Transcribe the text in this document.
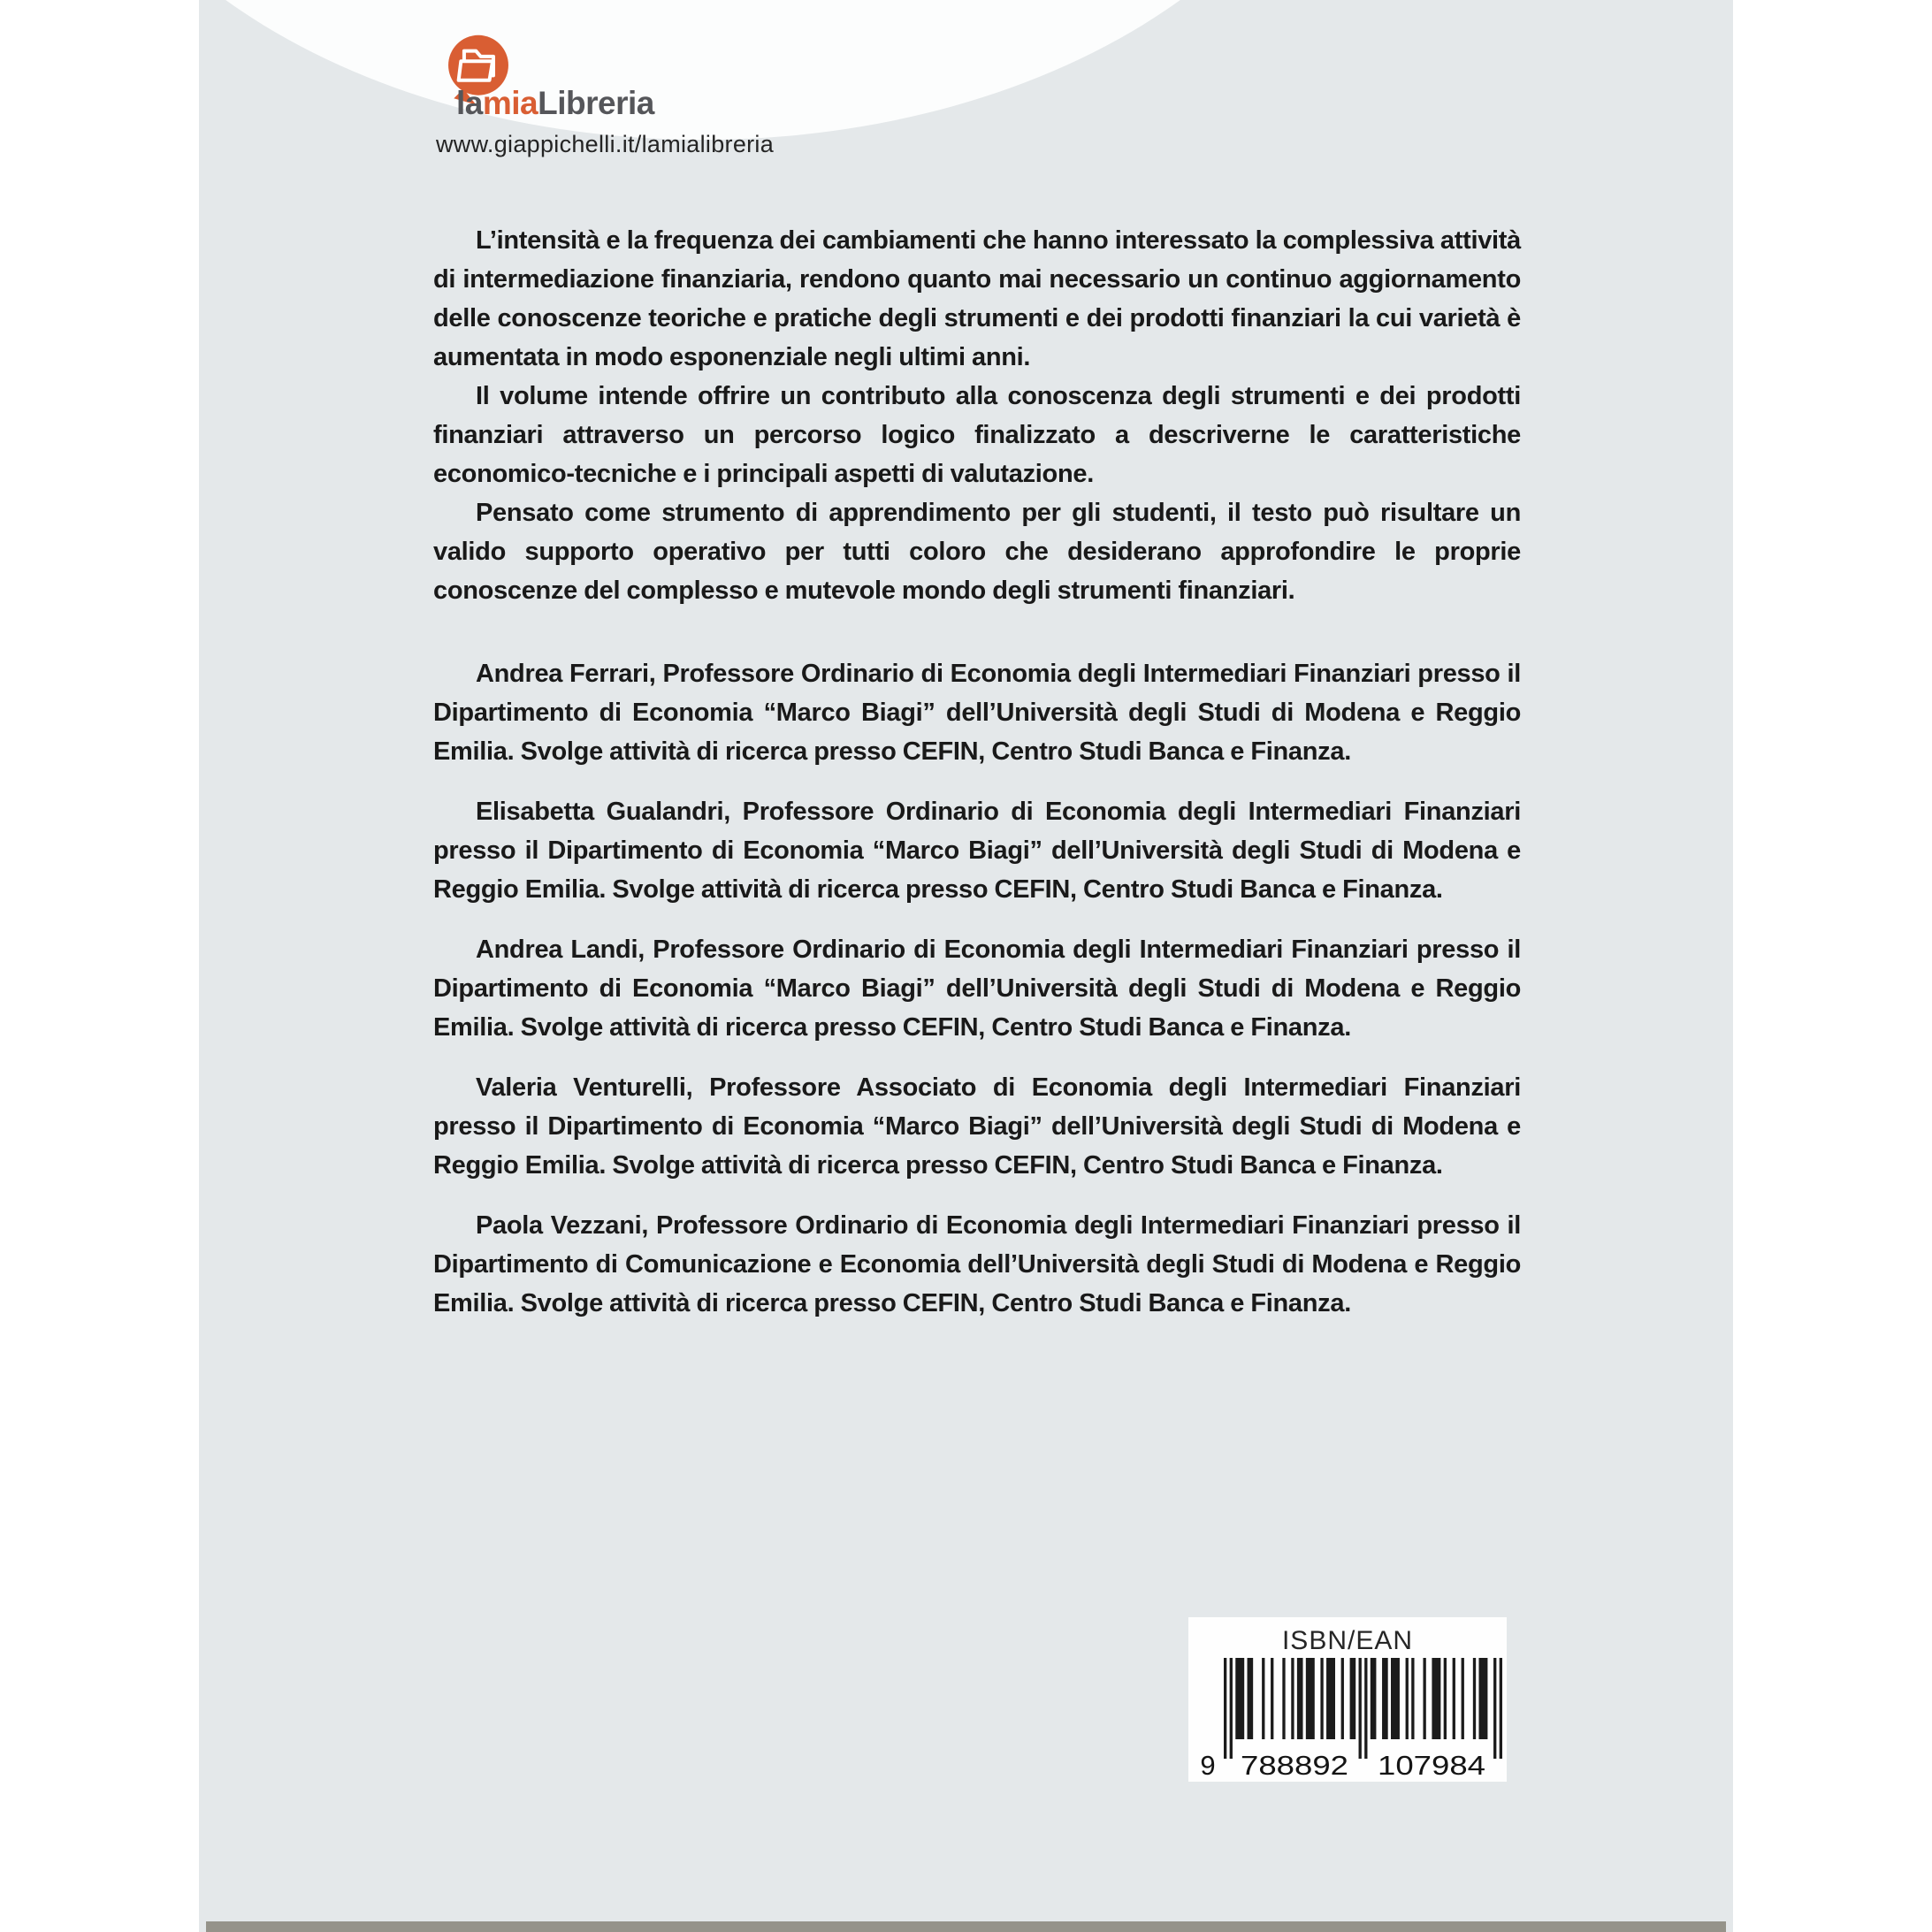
lamiaLibreria
www.giappichelli.it/lamialibreria

L’intensità e la frequenza dei cambiamenti che hanno interessato la complessiva attività di intermediazione finanziaria, rendono quanto mai necessario un continuo aggiornamento delle conoscenze teoriche e pratiche degli strumenti e dei prodotti finanziari la cui varietà è aumentata in modo esponenziale negli ultimi anni.

Il volume intende offrire un contributo alla conoscenza degli strumenti e dei prodotti finanziari attraverso un percorso logico finalizzato a descriverne le caratteristiche economico-tecniche e i principali aspetti di valutazione.

Pensato come strumento di apprendimento per gli studenti, il testo può risultare un valido supporto operativo per tutti coloro che desiderano approfondire le proprie conoscenze del complesso e mutevole mondo degli strumenti finanziari.

Andrea Ferrari, Professore Ordinario di Economia degli Intermediari Finanziari presso il Dipartimento di Economia “Marco Biagi” dell’Università degli Studi di Modena e Reggio Emilia. Svolge attività di ricerca presso CEFIN, Centro Studi Banca e Finanza.

Elisabetta Gualandri, Professore Ordinario di Economia degli Intermediari Finanziari presso il Dipartimento di Economia “Marco Biagi” dell’Università degli Studi di Modena e Reggio Emilia. Svolge attività di ricerca presso CEFIN, Centro Studi Banca e Finanza.

Andrea Landi, Professore Ordinario di Economia degli Intermediari Finanziari presso il Dipartimento di Economia “Marco Biagi” dell’Università degli Studi di Modena e Reggio Emilia. Svolge attività di ricerca presso CEFIN, Centro Studi Banca e Finanza.

Valeria Venturelli, Professore Associato di Economia degli Intermediari Finanziari presso il Dipartimento di Economia “Marco Biagi” dell’Università degli Studi di Modena e Reggio Emilia. Svolge attività di ricerca presso CEFIN, Centro Studi Banca e Finanza.

Paola Vezzani, Professore Ordinario di Economia degli Intermediari Finanziari presso il Dipartimento di Comunicazione e Economia dell’Università degli Studi di Modena e Reggio Emilia. Svolge attività di ricerca presso CEFIN, Centro Studi Banca e Finanza.

9 788892 107984
ISBN/EAN
